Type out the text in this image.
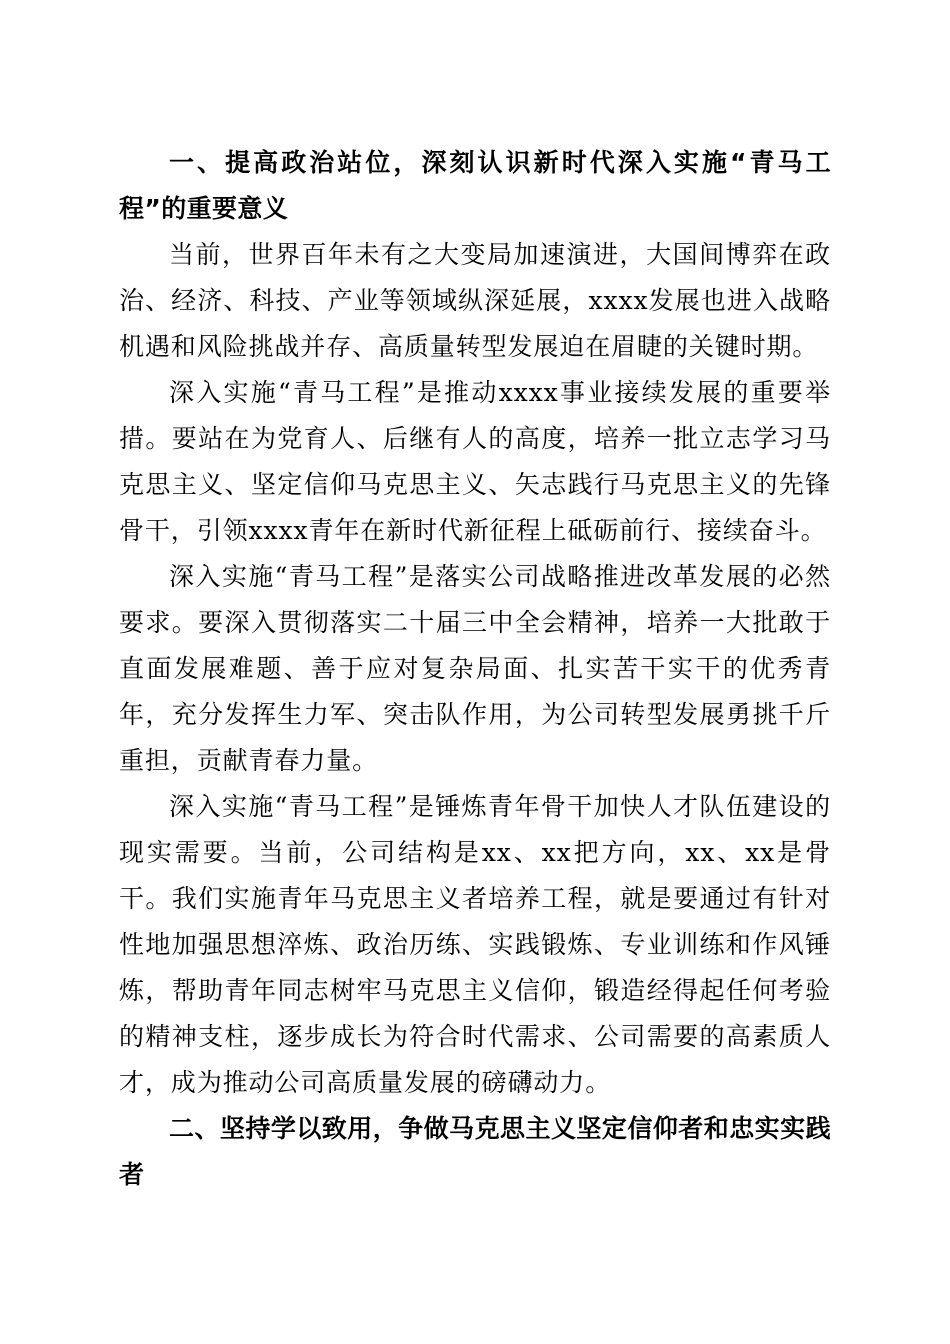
一、提高政治站位，深刻认识新时代深入实施“青马工程”的重要意义

当前，世界百年未有之大变局加速演进，大国间博弈在政治、经济、科技、产业等领域纵深延展，xxxx发展也进入战略机遇和风险挑战并存、高质量转型发展迫在眉睫的关键时期。

深入实施“青马工程”是推动xxxx事业接续发展的重要举措。要站在为党育人、后继有人的高度，培养一批立志学习马克思主义、坚定信仰马克思主义、矢志践行马克思主义的先锋骨干，引领xxxx青年在新时代新征程上砥砺前行、接续奋斗。

深入实施“青马工程”是落实公司战略推进改革发展的必然要求。要深入贯彻落实二十届三中全会精神，培养一大批敢于直面发展难题、善于应对复杂局面、扎实苦干实干的优秀青年，充分发挥生力军、突击队作用，为公司转型发展勇挑千斤重担，贡献青春力量。

深入实施“青马工程”是锤炼青年骨干加快人才队伍建设的现实需要。当前，公司结构是xx、xx把方向，xx、xx是骨干。我们实施青年马克思主义者培养工程，就是要通过有针对性地加强思想淬炼、政治历练、实践锻炼、专业训练和作风锤炼，帮助青年同志树牢马克思主义信仰，锻造经得起任何考验的精神支柱，逐步成长为符合时代需求、公司需要的高素质人才，成为推动公司高质量发展的磅礴动力。

二、坚持学以致用，争做马克思主义坚定信仰者和忠实实践者
